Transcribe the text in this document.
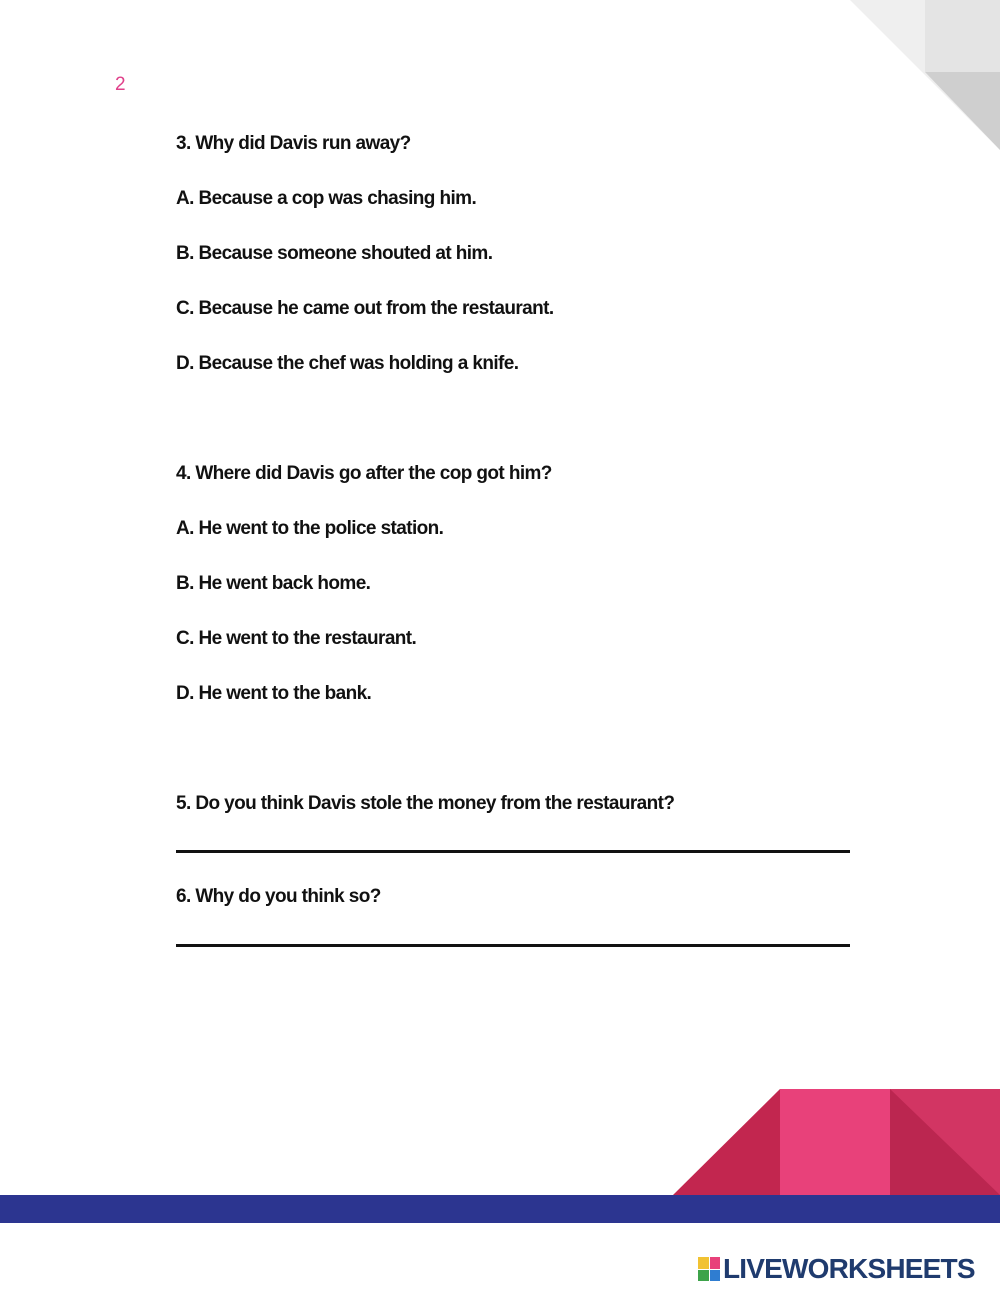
2
3. Why did Davis run away?
A. Because a cop was chasing him.
B. Because someone shouted at him.
C. Because he came out from the restaurant.
D. Because the chef was holding a knife.
4. Where did Davis go after the cop got him?
A. He went to the police station.
B. He went back home.
C. He went to the restaurant.
D. He went to the bank.
5. Do you think Davis stole the money from the restaurant?
6. Why do you think so?
LIVEWORKSHEETS
